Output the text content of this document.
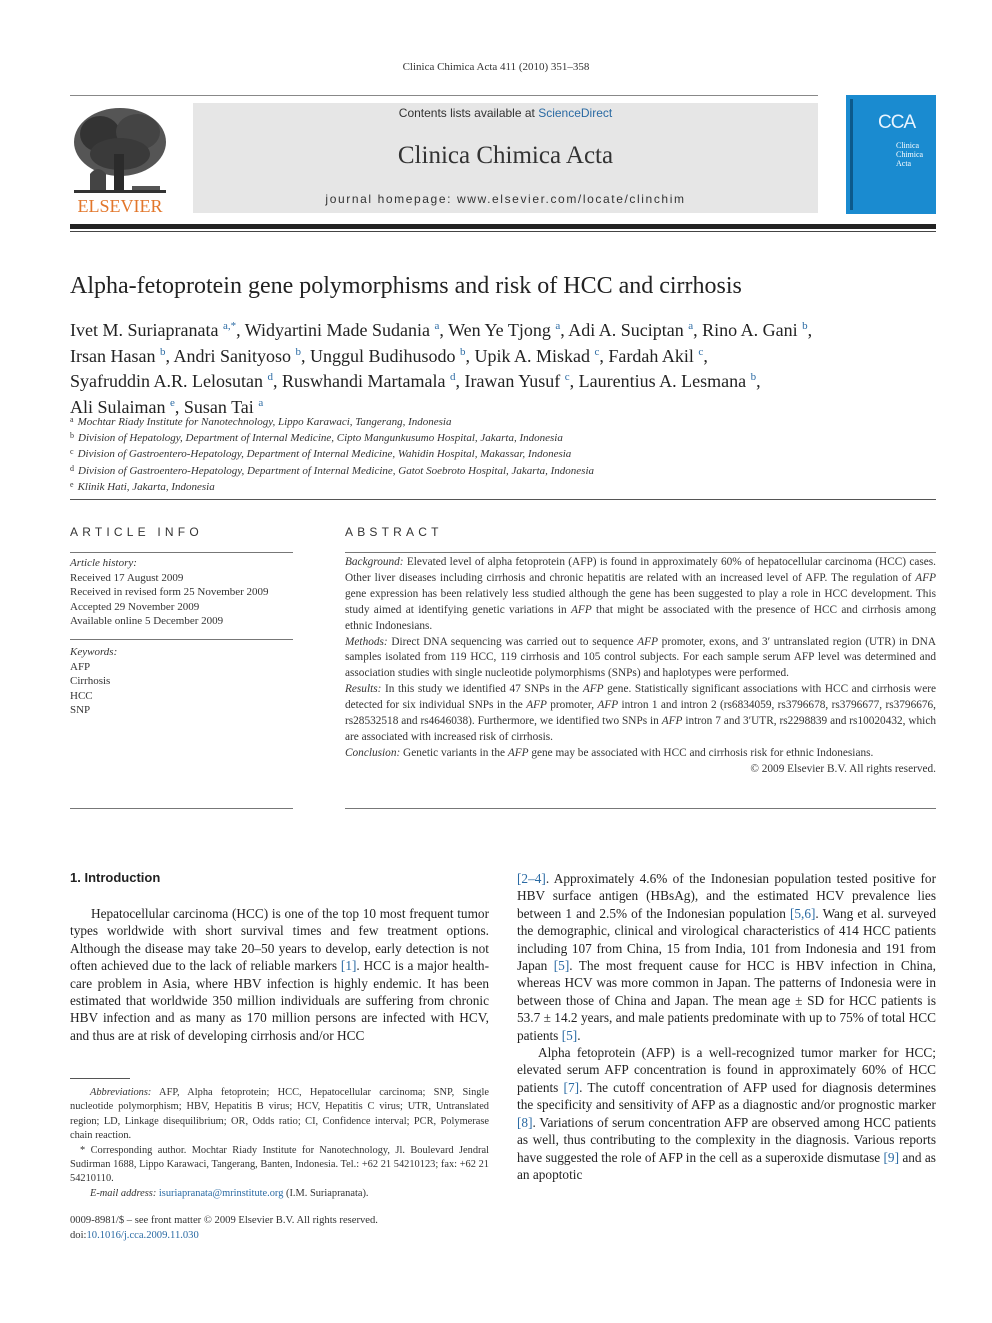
Clinica Chimica Acta 411 (2010) 351–358
ELSEVIER
Contents lists available at ScienceDirect
Clinica Chimica Acta
journal homepage: www.elsevier.com/locate/clinchim
CCA
Clinica
Chimica
Acta
Alpha-fetoprotein gene polymorphisms and risk of HCC and cirrhosis
Ivet M. Suriapranata $^{a,*}$, Widyartini Made Sudania $^a$, Wen Ye Tjong $^a$, Adi A. Suciptan $^a$, Rino A. Gani $^b$,
Irsan Hasan $^b$, Andri Sanityoso $^b$, Unggul Budihusodo $^b$, Upik A. Miskad $^c$, Fardah Akil $^c$,
Syafruddin A.R. Lelosutan $^d$, Ruswhandi Martamala $^d$, Irawan Yusuf $^c$, Laurentius A. Lesmana $^b$,
Ali Sulaiman $^e$, Susan Tai $^a$
$^a$ Mochtar Riady Institute for Nanotechnology, Lippo Karawaci, Tangerang, Indonesia
$^b$ Division of Hepatology, Department of Internal Medicine, Cipto Mangunkusumo Hospital, Jakarta, Indonesia
$^c$ Division of Gastroentero-Hepatology, Department of Internal Medicine, Wahidin Hospital, Makassar, Indonesia
$^d$ Division of Gastroentero-Hepatology, Department of Internal Medicine, Gatot Soebroto Hospital, Jakarta, Indonesia
$^e$ Klinik Hati, Jakarta, Indonesia
ARTICLE INFO
Article history:
Received 17 August 2009
Received in revised form 25 November 2009
Accepted 29 November 2009
Available online 5 December 2009
Keywords:
AFP
Cirrhosis
HCC
SNP
ABSTRACT

Background: Elevated level of alpha fetoprotein (AFP) is found in approximately 60% of hepatocellular carcinoma (HCC) cases. Other liver diseases including cirrhosis and chronic hepatitis are related with an increased level of AFP. The regulation of AFP gene expression has been relatively less studied although the gene has been suggested to play a role in HCC development. This study aimed at identifying genetic variations in AFP that might be associated with the presence of HCC and cirrhosis among ethnic Indonesians.

Methods: Direct DNA sequencing was carried out to sequence AFP promoter, exons, and 3′ untranslated region (UTR) in DNA samples isolated from 119 HCC, 119 cirrhosis and 105 control subjects. For each sample serum AFP level was determined and association studies with single nucleotide polymorphisms (SNPs) and haplotypes were performed.

Results: In this study we identified 47 SNPs in the AFP gene. Statistically significant associations with HCC and cirrhosis were detected for six individual SNPs in the AFP promoter, AFP intron 1 and intron 2 (rs6834059, rs3796678, rs3796677, rs3796676, rs28532518 and rs4646038). Furthermore, we identified two SNPs in AFP intron 7 and 3′UTR, rs2298839 and rs10020432, which are associated with increased risk of cirrhosis.

Conclusion: Genetic variants in the AFP gene may be associated with HCC and cirrhosis risk for ethnic Indonesians.

© 2009 Elsevier B.V. All rights reserved.

1. Introduction

Hepatocellular carcinoma (HCC) is one of the top 10 most frequent tumor types worldwide with short survival times and few treatment options. Although the disease may take 20–50 years to develop, early detection is not often achieved due to the lack of reliable markers [1]. HCC is a major health-care problem in Asia, where HBV infection is highly endemic. It has been estimated that worldwide 350 million individuals are suffering from chronic HBV infection and as many as 170 million persons are infected with HCV, and thus are at risk of developing cirrhosis and/or HCC

[2–4]. Approximately 4.6% of the Indonesian population tested positive for HBV surface antigen (HBsAg), and the estimated HCV prevalence lies between 1 and 2.5% of the Indonesian population [5,6]. Wang et al. surveyed the demographic, clinical and virological characteristics of 414 HCC patients including 107 from China, 15 from India, 101 from Indonesia and 191 from Japan [5]. The most frequent cause for HCC is HBV infection in China, whereas HCV was more common in Japan. The patterns of Indonesia were in between those of China and Japan. The mean age ± SD for HCC patients is 53.7 ± 14.2 years, and male patients predominate with up to 75% of total HCC patients [5].

Alpha fetoprotein (AFP) is a well-recognized tumor marker for HCC; elevated serum AFP concentration is found in approximately 60% of HCC patients [7]. The cutoff concentration of AFP used for diagnosis determines the specificity and sensitivity of AFP as a diagnostic and/or prognostic marker [8]. Variations of serum concentration AFP are observed among HCC patients as well, thus contributing to the complexity in the diagnosis. Various reports have suggested the role of AFP in the cell as a superoxide dismutase [9] and as an apoptotic

Abbreviations: AFP, Alpha fetoprotein; HCC, Hepatocellular carcinoma; SNP, Single nucleotide polymorphism; HBV, Hepatitis B virus; HCV, Hepatitis C virus; UTR, Untranslated region; LD, Linkage disequilibrium; OR, Odds ratio; CI, Confidence interval; PCR, Polymerase chain reaction.

* Corresponding author. Mochtar Riady Institute for Nanotechnology, Jl. Boulevard Jendral Sudirman 1688, Lippo Karawaci, Tangerang, Banten, Indonesia. Tel.: +62 21 54210123; fax: +62 21 54210110.

E-mail address: isuriapranata@mrinstitute.org (I.M. Suriapranata).

0009-8981/$ – see front matter © 2009 Elsevier B.V. All rights reserved.
doi:10.1016/j.cca.2009.11.030
